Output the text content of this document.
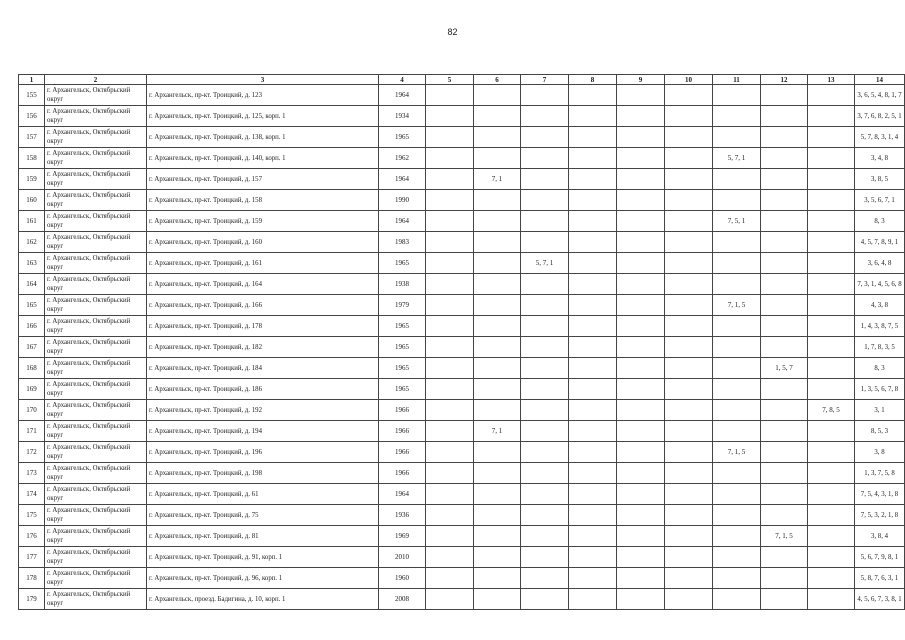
82
1	2	3	4	5	6	7	8	9	10	11	12	13	14
155	г. Архангельск, Октябрьский округ	г. Архангельск, пр-кт. Троицкий, д. 123	1964										3, 6, 5, 4, 8, 1, 7
156	г. Архангельск, Октябрьский округ	г. Архангельск, пр-кт. Троицкий, д. 125, корп. 1	1934										3, 7, 6, 8, 2, 5, 1
157	г. Архангельск, Октябрьский округ	г. Архангельск, пр-кт. Троицкий, д. 138, корп. 1	1965										5, 7, 8, 3, 1, 4
158	г. Архангельск, Октябрьский округ	г. Архангельск, пр-кт. Троицкий, д. 140, корп. 1	1962							5, 7, 1			3, 4, 8
159	г. Архангельск, Октябрьский округ	г. Архангельск, пр-кт. Троицкий, д. 157	1964		7, 1								3, 8, 5
160	г. Архангельск, Октябрьский округ	г. Архангельск, пр-кт. Троицкий, д. 158	1990										3, 5, 6, 7, 1
161	г. Архангельск, Октябрьский округ	г. Архангельск, пр-кт. Троицкий, д. 159	1964							7, 5, 1			8, 3
162	г. Архангельск, Октябрьский округ	г. Архангельск, пр-кт. Троицкий, д. 160	1983										4, 5, 7, 8, 9, 1
163	г. Архангельск, Октябрьский округ	г. Архангельск, пр-кт. Троицкий, д. 161	1965			5, 7, 1							3, 6, 4, 8
164	г. Архангельск, Октябрьский округ	г. Архангельск, пр-кт. Троицкий, д. 164	1938										7, 3, 1, 4, 5, 6, 8
165	г. Архангельск, Октябрьский округ	г. Архангельск, пр-кт. Троицкий, д. 166	1979							7, 1, 5			4, 3, 8
166	г. Архангельск, Октябрьский округ	г. Архангельск, пр-кт. Троицкий, д. 178	1965										1, 4, 3, 8, 7, 5
167	г. Архангельск, Октябрьский округ	г. Архангельск, пр-кт. Троицкий, д. 182	1965										1, 7, 8, 3, 5
168	г. Архангельск, Октябрьский округ	г. Архангельск, пр-кт. Троицкий, д. 184	1965								1, 5, 7		8, 3
169	г. Архангельск, Октябрьский округ	г. Архангельск, пр-кт. Троицкий, д. 186	1965										1, 3, 5, 6, 7, 8
170	г. Архангельск, Октябрьский округ	г. Архангельск, пр-кт. Троицкий, д. 192	1966									7, 8, 5	3, 1
171	г. Архангельск, Октябрьский округ	г. Архангельск, пр-кт. Троицкий, д. 194	1966		7, 1								8, 5, 3
172	г. Архангельск, Октябрьский округ	г. Архангельск, пр-кт. Троицкий, д. 196	1966							7, 1, 5			3, 8
173	г. Архангельск, Октябрьский округ	г. Архангельск, пр-кт. Троицкий, д. 198	1966										1, 3, 7, 5, 8
174	г. Архангельск, Октябрьский округ	г. Архангельск, пр-кт. Троицкий, д. 61	1964										7, 5, 4, 3, 1, 8
175	г. Архангельск, Октябрьский округ	г. Архангельск, пр-кт. Троицкий, д. 75	1936										7, 5, 3, 2, 1, 8
176	г. Архангельск, Октябрьский округ	г. Архангельск, пр-кт. Троицкий, д. 81	1969								7, 1, 5		3, 8, 4
177	г. Архангельск, Октябрьский округ	г. Архангельск, пр-кт. Троицкий, д. 91, корп. 1	2010										5, 6, 7, 9, 8, 1
178	г. Архангельск, Октябрьский округ	г. Архангельск, пр-кт. Троицкий, д. 96, корп. 1	1960										5, 8, 7, 6, 3, 1
179	г. Архангельск, Октябрьский округ	г. Архангельск, проезд. Бадигина, д. 10, корп. 1	2008										4, 5, 6, 7, 3, 8, 1
